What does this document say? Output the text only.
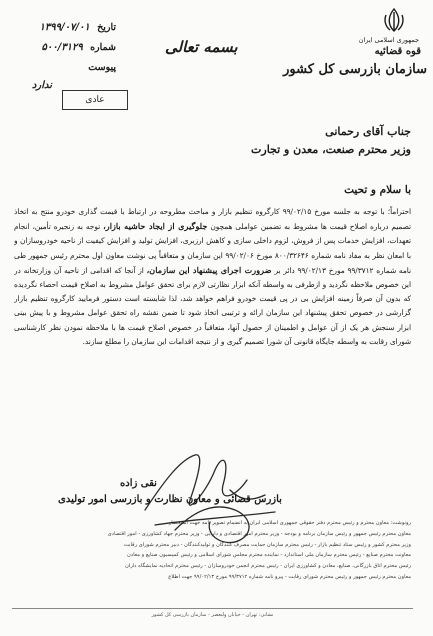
جمهوری اسلامی ایران
قوه قضائیه
سازمان بازرسی کل کشور
بسمه تعالی
تاریخ ۱۳۹۹/۰۷/۰۱
شماره ۵۰۰/۳۱۲۹
پیوست
ندارد
عادی
جناب آقای رحمانی
وزیر محترم صنعت، معدن و تجارت
با سلام و تحیت

احتراماً؛ با توجه به جلسه مورخ ۹۹/۰۲/۱۵ کارگروه تنظیم بازار و مباحث مطروحه در ارتباط با قیمت گذاری خودرو منتج به اتخاذ تصمیم درباره اصلاح قیمت ها مشروط به تضمین عواملی همچون جلوگیری از ایجاد حاشیه بازار، توجه به زنجیره تأمین، انجام تعهدات، افزایش خدمات پس از فروش، لزوم داخلی سازی و کاهش ارزبری، افزایش تولید و افزایش کیفیت از ناحیه خودروسازان و با امعان نظر به مفاد نامه شماره ۸۰۰/۳۲۶۴۶ مورخ ۹۹/۰۲/۰۶ این سازمان و متعاقباً پی نوشت معاون اول محترم رئیس جمهور طی نامه شماره ۹۹/۳۷۱۲ مورخ ۹۹/۰۲/۱۳ دائر بر ضرورت اجرای پیشنهاد این سازمان، از آنجا که اقدامی از ناحیه آن وزارتخانه در این خصوص ملاحظه نگردید و ازطرفی به واسطه آنکه ابزار نظارتی لازم برای تحقق عوامل مشروط به اصلاح قیمت احصاء نگردیده که بدون آن صرفاً زمینه افزایش بی در پی قیمت خودرو فراهم خواهد شد، لذا شایسته است دستور فرمایید کارگروه تنظیم بازار گزارشی در خصوص تحقق پیشنهاد این سازمان ارائه و ترتیبی اتخاذ شود تا ضمن نقشه راه تحقق عوامل مشروط و با پیش بینی ابزار سنجش هر یک از آن عوامل و اطمینان از حصول آنها، متعاقباً در خصوص اصلاح قیمت ها با ملاحظه نمودن نظر کارشناسی شورای رقابت به واسطه جایگاه قانونی آن شورا تصمیم گیری و از نتیجه اقدامات این سازمان را مطلع سازند.

نقی زاده
بازرس قضائی و معاون نظارت و بازرسی امور تولیدی

رونوشت: معاون محترم و رئیس محترم دفتر حقوقی جمهوری اسلامی ایران به انضمام تصویر نامه جهت استحضار

معاون محترم رئیس جمهور و رئیس سازمان برنامه و بودجه - وزیر محترم امور اقتصادی و دارایی - وزیر محترم جهاد کشاورزی - امور اقتصادی

وزیر محترم کشور و رئیس ستاد تنظیم بازار - رئیس محترم سازمان حمایت مصرف کنندگان و تولیدکنندگان - دبیر محترم شورای رقابت

معاونت محترم صنایع - رئیس محترم سازمان ملی استاندارد - نماینده محترم مجلس شورای اسلامی و رئیس کمیسیون صنایع و معادن

رئیس محترم اتاق بازرگانی، صنایع، معادن و کشاورزی ایران - رئیس محترم انجمن خودروسازان - رئیس محترم اتحادیه نمایشگاه داران

معاون محترم رئیس جمهور و رئیس محترم شورای رقابت - پیرو نامه شماره ۹۹/۳۷۱۲ مورخ ۹۹/۰۲/۱۳ جهت اطلاع

نشانی: تهران - خیابان ولیعصر - سازمان بازرسی کل کشور
